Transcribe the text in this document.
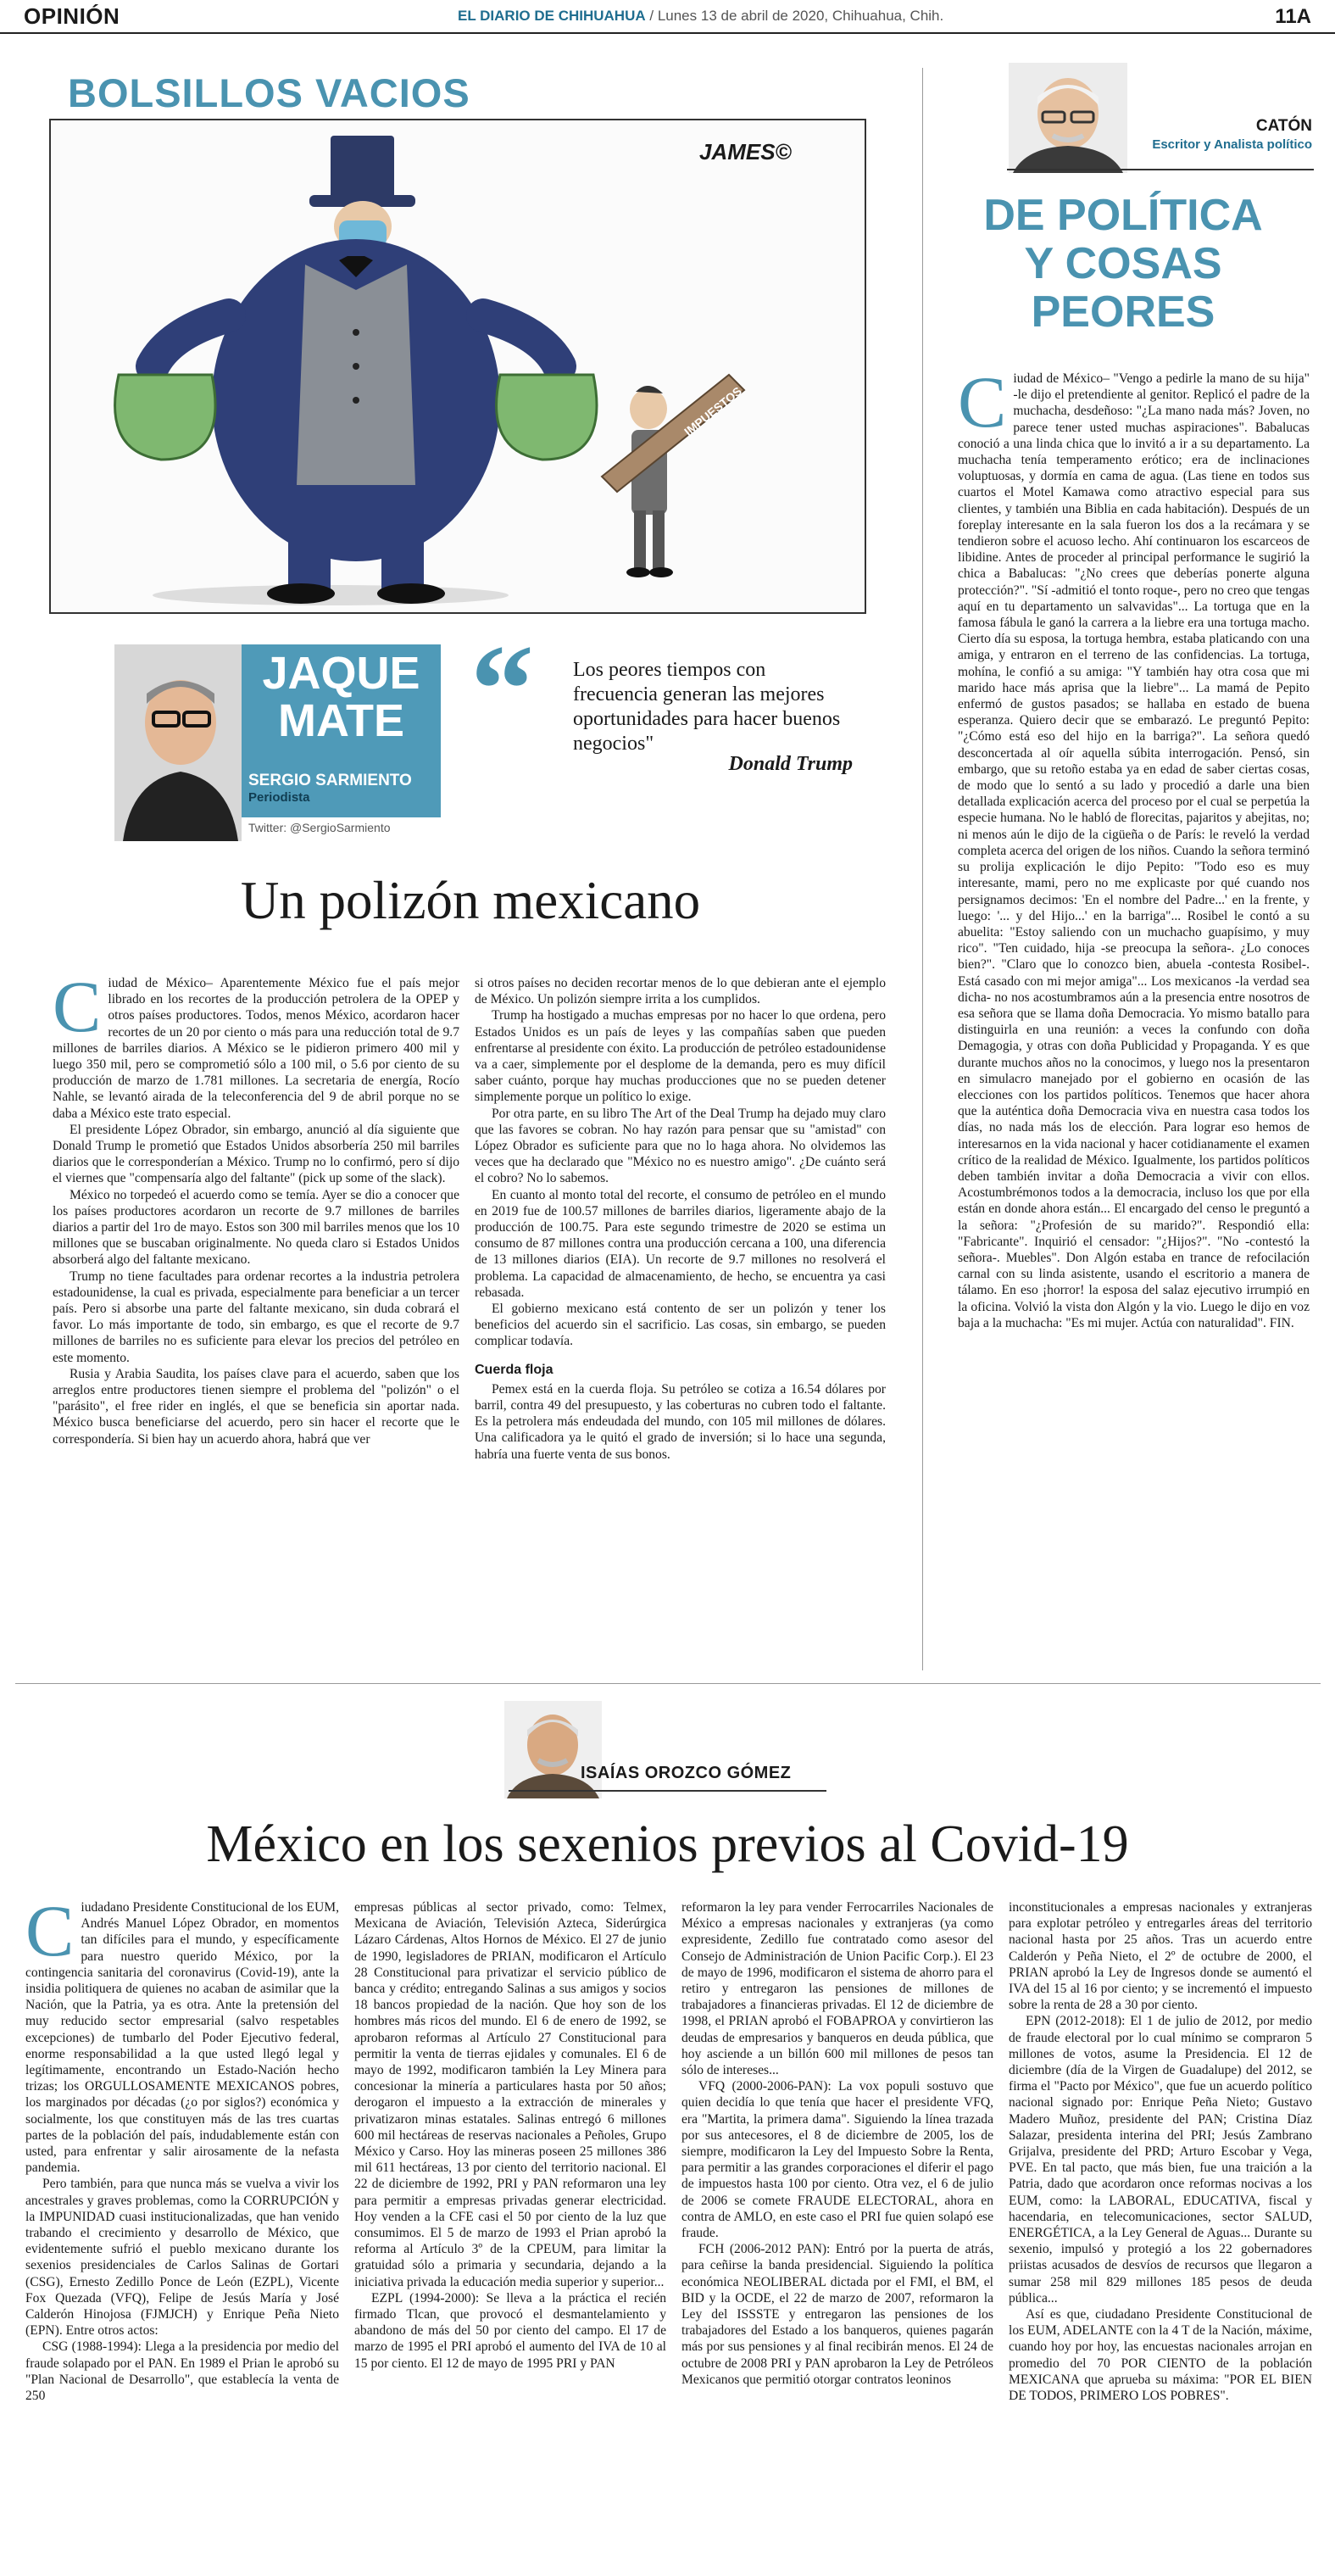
OPINIÓN	EL DIARIO DE CHIHUAHUA / Lunes 13 de abril de 2020, Chihuahua, Chih.	11A
BOLSILLOS VACIOS
JAMES©
IMPUESTOS
JAQUE
MATE
SERGIO SARMIENTO
Periodista
Twitter: @SergioSarmiento
“ Los peores tiempos con frecuencia generan las mejores oportunidades para hacer buenos negocios"
Donald Trump
Un polizón mexicano

Ciudad de México– Aparentemente México fue el país mejor librado en los recortes de la producción petrolera de la OPEP y otros países productores. Todos, menos México, acordaron hacer recortes de un 20 por ciento o más para una reducción total de 9.7 millones de barriles diarios. A México se le pidieron primero 400 mil y luego 350 mil, pero se comprometió sólo a 100 mil, o 5.6 por ciento de su producción de marzo de 1.781 millones. La secretaria de energía, Rocío Nahle, se levantó airada de la teleconferencia del 9 de abril porque no se daba a México este trato especial.

El presidente López Obrador, sin embargo, anunció al día siguiente que Donald Trump le prometió que Estados Unidos absorbería 250 mil barriles diarios que le corresponderían a México. Trump no lo confirmó, pero sí dijo el viernes que "compensaría algo del faltante" (pick up some of the slack).

México no torpedeó el acuerdo como se temía. Ayer se dio a conocer que los países productores acordaron un recorte de 9.7 millones de barriles diarios a partir del 1ro de mayo. Estos son 300 mil barriles menos que los 10 millones que se buscaban originalmente. No queda claro si Estados Unidos absorberá algo del faltante mexicano.

Trump no tiene facultades para ordenar recortes a la industria petrolera estadounidense, la cual es privada, especialmente para beneficiar a un tercer país. Pero si absorbe una parte del faltante mexicano, sin duda cobrará el favor. Lo más importante de todo, sin embargo, es que el recorte de 9.7 millones de barriles no es suficiente para elevar los precios del petróleo en este momento.

Rusia y Arabia Saudita, los países clave para el acuerdo, saben que los arreglos entre productores tienen siempre el problema del "polizón" o el "parásito", el free rider en inglés, el que se beneficia sin aportar nada. México busca beneficiarse del acuerdo, pero sin hacer el recorte que le correspondería. Si bien hay un acuerdo ahora, habrá que ver

si otros países no deciden recortar menos de lo que debieran ante el ejemplo de México. Un polizón siempre irrita a los cumplidos.

Trump ha hostigado a muchas empresas por no hacer lo que ordena, pero Estados Unidos es un país de leyes y las compañías saben que pueden enfrentarse al presidente con éxito. La producción de petróleo estadounidense va a caer, simplemente por el desplome de la demanda, pero es muy difícil saber cuánto, porque hay muchas producciones que no se pueden detener simplemente porque un político lo exige.

Por otra parte, en su libro The Art of the Deal Trump ha dejado muy claro que las favores se cobran. No hay razón para pensar que su "amistad" con López Obrador es suficiente para que no lo haga ahora. No olvidemos las veces que ha declarado que "México no es nuestro amigo". ¿De cuánto será el cobro? No lo sabemos.

En cuanto al monto total del recorte, el consumo de petróleo en el mundo en 2019 fue de 100.57 millones de barriles diarios, ligeramente abajo de la producción de 100.75. Para este segundo trimestre de 2020 se estima un consumo de 87 millones contra una producción cercana a 100, una diferencia de 13 millones diarios (EIA). Un recorte de 9.7 millones no resolverá el problema. La capacidad de almacenamiento, de hecho, se encuentra ya casi rebasada.

El gobierno mexicano está contento de ser un polizón y tener los beneficios del acuerdo sin el sacrificio. Las cosas, sin embargo, se pueden complicar todavía.

Cuerda floja

Pemex está en la cuerda floja. Su petróleo se cotiza a 16.54 dólares por barril, contra 49 del presupuesto, y las coberturas no cubren todo el faltante. Es la petrolera más endeudada del mundo, con 105 mil millones de dólares. Una calificadora ya le quitó el grado de inversión; si lo hace una segunda, habría una fuerte venta de sus bonos.

CATÓN
Escritor y Analista político
DE POLÍTICA
Y COSAS
PEORES

Ciudad de México– "Vengo a pedirle la mano de su hija" -le dijo el pretendiente al genitor. Replicó el padre de la muchacha, desdeñoso: "¿La mano nada más? Joven, no parece tener usted muchas aspiraciones". Babalucas conoció a una linda chica que lo invitó a ir a su departamento. La muchacha tenía temperamento erótico; era de inclinaciones voluptuosas, y dormía en cama de agua. (Las tiene en todos sus cuartos el Motel Kamawa como atractivo especial para sus clientes, y también una Biblia en cada habitación). Después de un foreplay interesante en la sala fueron los dos a la recámara y se tendieron sobre el acuoso lecho. Ahí continuaron los escarceos de libidine. Antes de proceder al principal performance le sugirió la chica a Babalucas: "¿No crees que deberías ponerte alguna protección?". "Sí -admitió el tonto roque-, pero no creo que tengas aquí en tu departamento un salvavidas"... La tortuga que en la famosa fábula le ganó la carrera a la liebre era una tortuga macho. Cierto día su esposa, la tortuga hembra, estaba platicando con una amiga, y entraron en el terreno de las confidencias. La tortuga, mohína, le confió a su amiga: "Y también hay otra cosa que mi marido hace más aprisa que la liebre"... La mamá de Pepito enfermó de gustos pasados; se hallaba en estado de buena esperanza. Quiero decir que se embarazó. Le preguntó Pepito: "¿Cómo está eso del hijo en la barriga?". La señora quedó desconcertada al oír aquella súbita interrogación. Pensó, sin embargo, que su retoño estaba ya en edad de saber ciertas cosas, de modo que lo sentó a su lado y procedió a darle una bien detallada explicación acerca del proceso por el cual se perpetúa la especie humana. No le habló de florecitas, pajaritos y abejitas, no; ni menos aún le dijo de la cigüeña o de París: le reveló la verdad completa acerca del origen de los niños. Cuando la señora terminó su prolija explicación le dijo Pepito: "Todo eso es muy interesante, mami, pero no me explicaste por qué cuando nos persignamos decimos: 'En el nombre del Padre...' en la frente, y luego: '... y del Hijo...' en la barriga"... Rosibel le contó a su abuelita: "Estoy saliendo con un muchacho guapísimo, y muy rico". "Ten cuidado, hija -se preocupa la señora-. ¿Lo conoces bien?". "Claro que lo conozco bien, abuela -contesta Rosibel-. Está casado con mi mejor amiga"... Los mexicanos -la verdad sea dicha- no nos acostumbramos aún a la presencia entre nosotros de esa señora que se llama doña Democracia. Yo mismo batallo para distinguirla en una reunión: a veces la confundo con doña Demagogia, y otras con doña Publicidad y Propaganda. Y es que durante muchos años no la conocimos, y luego nos la presentaron en simulacro manejado por el gobierno en ocasión de las elecciones con los partidos políticos. Tenemos que hacer ahora que la auténtica doña Democracia viva en nuestra casa todos los días, no nada más los de elección. Para lograr eso hemos de interesarnos en la vida nacional y hacer cotidianamente el examen crítico de la realidad de México. Igualmente, los partidos políticos deben también invitar a doña Democracia a vivir con ellos. Acostumbrémonos todos a la democracia, incluso los que por ella están en donde ahora están... El encargado del censo le preguntó a la señora: "¿Profesión de su marido?". Respondió ella: "Fabricante". Inquirió el censador: "¿Hijos?". "No -contestó la señora-. Muebles". Don Algón estaba en trance de refocilación carnal con su linda asistente, usando el escritorio a manera de tálamo. En eso ¡horror! la esposa del salaz ejecutivo irrumpió en la oficina. Volvió la vista don Algón y la vio. Luego le dijo en voz baja a la muchacha: "Es mi mujer. Actúa con naturalidad". FIN.

ISAÍAS OROZCO GÓMEZ
México en los sexenios previos al Covid-19

Ciudadano Presidente Constitucional de los EUM, Andrés Manuel López Obrador, en momentos tan difíciles para el mundo, y específicamente para nuestro querido México, por la contingencia sanitaria del coronavirus (Covid-19), ante la insidia politiquera de quienes no acaban de asimilar que la Nación, que la Patria, ya es otra. Ante la pretensión del muy reducido sector empresarial (salvo respetables excepciones) de tumbarlo del Poder Ejecutivo federal, enorme responsabilidad a la que usted llegó legal y legítimamente, encontrando un Estado-Nación hecho trizas; los ORGULLOSAMENTE MEXICANOS pobres, los marginados por décadas (¿o por siglos?) económica y socialmente, los que constituyen más de las tres cuartas partes de la población del país, indudablemente están con usted, para enfrentar y salir airosamente de la nefasta pandemia.

Pero también, para que nunca más se vuelva a vivir los ancestrales y graves problemas, como la CORRUPCIÓN y la IMPUNIDAD cuasi institucionalizadas, que han venido trabando el crecimiento y desarrollo de México, que evidentemente sufrió el pueblo mexicano durante los sexenios presidenciales de Carlos Salinas de Gortari (CSG), Ernesto Zedillo Ponce de León (EZPL), Vicente Fox Quezada (VFQ), Felipe de Jesús María y José Calderón Hinojosa (FJMJCH) y Enrique Peña Nieto (EPN). Entre otros actos:

CSG (1988-1994): Llega a la presidencia por medio del fraude solapado por el PAN. En 1989 el Prian le aprobó su "Plan Nacional de Desarrollo", que establecía la venta de 250

empresas públicas al sector privado, como: Telmex, Mexicana de Aviación, Televisión Azteca, Siderúrgica Lázaro Cárdenas, Altos Hornos de México. El 27 de junio de 1990, legisladores de PRIAN, modificaron el Artículo 28 Constitucional para privatizar el servicio público de banca y crédito; entregando Salinas a sus amigos y socios 18 bancos propiedad de la nación. Que hoy son de los hombres más ricos del mundo. El 6 de enero de 1992, se aprobaron reformas al Artículo 27 Constitucional para permitir la venta de tierras ejidales y comunales. El 6 de mayo de 1992, modificaron también la Ley Minera para concesionar la minería a particulares hasta por 50 años; derogaron el impuesto a la extracción de minerales y privatizaron minas estatales. Salinas entregó 6 millones 600 mil hectáreas de reservas nacionales a Peñoles, Grupo México y Carso. Hoy las mineras poseen 25 millones 386 mil 611 hectáreas, 13 por ciento del territorio nacional. El 22 de diciembre de 1992, PRI y PAN reformaron una ley para permitir a empresas privadas generar electricidad. Hoy venden a la CFE casi el 50 por ciento de la luz que consumimos. El 5 de marzo de 1993 el Prian aprobó la reforma al Artículo 3º de la CPEUM, para limitar la gratuidad sólo a primaria y secundaria, dejando a la iniciativa privada la educación media superior y superior...

EZPL (1994-2000): Se lleva a la práctica el recién firmado Tlcan, que provocó el desmantelamiento y abandono de más del 50 por ciento del campo. El 17 de marzo de 1995 el PRI aprobó el aumento del IVA de 10 al 15 por ciento. El 12 de mayo de 1995 PRI y PAN

reformaron la ley para vender Ferrocarriles Nacionales de México a empresas nacionales y extranjeras (ya como expresidente, Zedillo fue contratado como asesor del Consejo de Administración de Union Pacific Corp.). El 23 de mayo de 1996, modificaron el sistema de ahorro para el retiro y entregaron las pensiones de millones de trabajadores a financieras privadas. El 12 de diciembre de 1998, el PRIAN aprobó el FOBAPROA y convirtieron las deudas de empresarios y banqueros en deuda pública, que hoy asciende a un billón 600 mil millones de pesos tan sólo de intereses...

VFQ (2000-2006-PAN): La vox populi sostuvo que quien decidía lo que tenía que hacer el presidente VFQ, era "Martita, la primera dama". Siguiendo la línea trazada por sus antecesores, el 8 de diciembre de 2005, los de siempre, modificaron la Ley del Impuesto Sobre la Renta, para permitir a las grandes corporaciones el diferir el pago de impuestos hasta 100 por ciento. Otra vez, el 6 de julio de 2006 se comete FRAUDE ELECTORAL, ahora en contra de AMLO, en este caso el PRI fue quien solapó ese fraude.

FCH (2006-2012 PAN): Entró por la puerta de atrás, para ceñirse la banda presidencial. Siguiendo la política económica NEOLIBERAL dictada por el FMI, el BM, el BID y la OCDE, el 22 de marzo de 2007, reformaron la Ley del ISSSTE y entregaron las pensiones de los trabajadores del Estado a los banqueros, quienes pagarán más por sus pensiones y al final recibirán menos. El 24 de octubre de 2008 PRI y PAN aprobaron la Ley de Petróleos Mexicanos que permitió otorgar contratos leoninos

inconstitucionales a empresas nacionales y extranjeras para explotar petróleo y entregarles áreas del territorio nacional hasta por 25 años. Tras un acuerdo entre Calderón y Peña Nieto, el 2º de octubre de 2000, el PRIAN aprobó la Ley de Ingresos donde se aumentó el IVA del 15 al 16 por ciento; y se incrementó el impuesto sobre la renta de 28 a 30 por ciento.

EPN (2012-2018): El 1 de julio de 2012, por medio de fraude electoral por lo cual mínimo se compraron 5 millones de votos, asume la Presidencia. El 12 de diciembre (día de la Virgen de Guadalupe) del 2012, se firma el "Pacto por México", que fue un acuerdo político nacional signado por: Enrique Peña Nieto; Gustavo Madero Muñoz, presidente del PAN; Cristina Díaz Salazar, presidenta interina del PRI; Jesús Zambrano Grijalva, presidente del PRD; Arturo Escobar y Vega, PVE. En tal pacto, que más bien, fue una traición a la Patria, dado que acordaron once reformas nocivas a los EUM, como: la LABORAL, EDUCATIVA, fiscal y hacendaria, en telecomunicaciones, sector SALUD, ENERGÉTICA, a la Ley General de Aguas... Durante su sexenio, impulsó y protegió a los 22 gobernadores priistas acusados de desvíos de recursos que llegaron a sumar 258 mil 829 millones 185 pesos de deuda pública...

Así es que, ciudadano Presidente Constitucional de los EUM, ADELANTE con la 4 T de la Nación, máxime, cuando hoy por hoy, las encuestas nacionales arrojan en promedio del 70 POR CIENTO de la población MEXICANA que aprueba su máxima: "POR EL BIEN DE TODOS, PRIMERO LOS POBRES".
